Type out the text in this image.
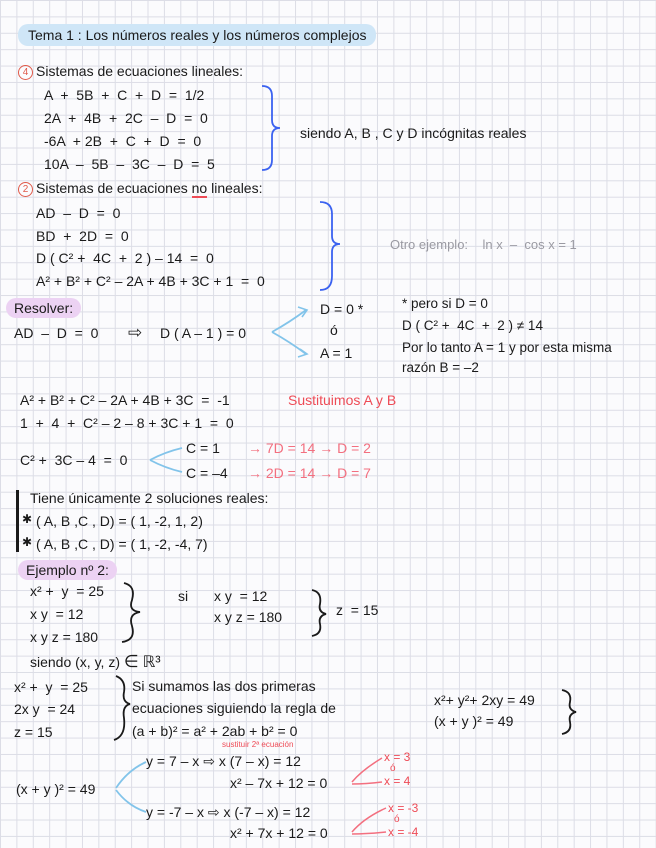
Tema 1 : Los números reales y los números complejos
4 Sistemas de ecuaciones lineales:
A  +  5B  +  C  +  D  =  1/2
2A  +  4B  +  2C  –  D  =  0
-6A  + 2B  +  C  +  D  =  0
10A  –  5B  –  3C  –  D  =  5
siendo A, B , C y D incógnitas reales
2 Sistemas de ecuaciones no lineales:
AD  –  D  =  0
BD  +  2D  =  0
D ( C² +  4C  +  2 ) – 14  =  0
A² + B² + C² – 2A + 4B + 3C + 1  =  0
Otro ejemplo:    ln x  –  cos x = 1
Resolver:
AD  –  D  =  0 ⇨ D ( A – 1 ) = 0
D = 0 *
ó
A = 1
* pero si D = 0
D ( C² +  4C  +  2 ) ≠ 14
Por lo tanto A = 1 y por esta misma
razón B = –2
A² + B² + C² – 2A + 4B + 3C  =  -1	Sustituimos A y B
1  +  4  +  C² – 2 – 8 + 3C + 1  =  0
C² +  3C – 4  =  0
C = 1 → 7D = 14 → D = 2
C = –4 → 2D = 14 → D = 7
Tiene únicamente 2 soluciones reales:
✱ ( A, B ,C , D) = ( 1, -2, 1, 2)
✱ ( A, B ,C , D) = ( 1, -2, -4, 7)
Ejemplo nº 2:
x² +  y  = 25
x y  = 12
x y z = 180
si x y  = 12
x y z = 180	z  = 15
siendo (x, y, z) ∈ ℝ³
x² +  y  = 25
2x y  = 24
z = 15
Si sumamos las dos primeras
ecuaciones siguiendo la regla de
(a + b)² = a² + 2ab + b² = 0
x²+ y²+ 2xy = 49
(x + y )² = 49
(x + y )² = 49
y = 7 – x ⇨ x (7 – x) = 12
sustituir 2ª ecuación
x² – 7x + 12 = 0
x = 3
ó
x = 4
y = -7 – x ⇨ x (-7 – x) = 12
x² + 7x + 12 = 0
x = -3
ó
x = -4
